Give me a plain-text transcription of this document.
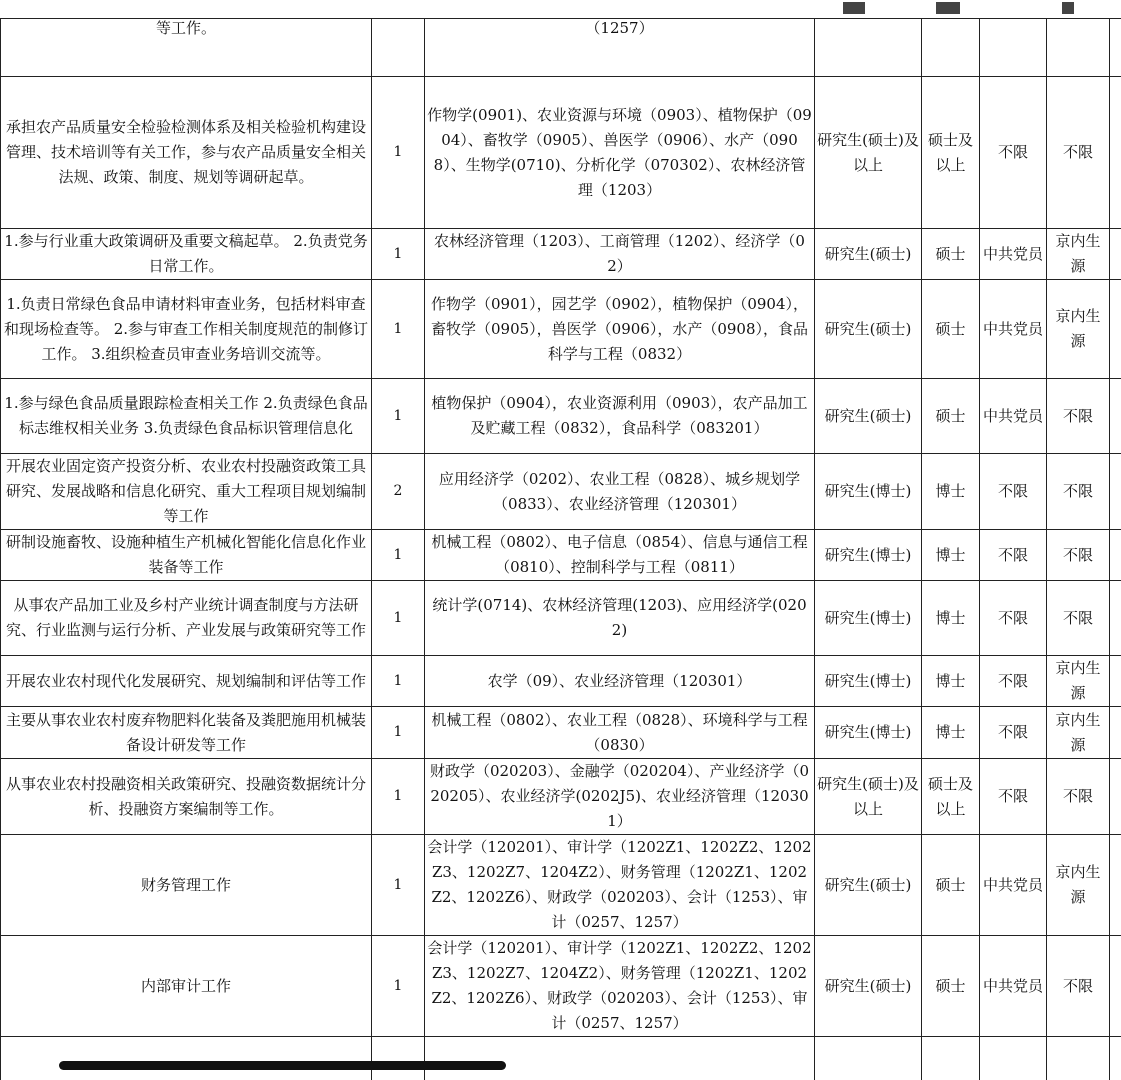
等工作。		（1257）					
承担农产品质量安全检验检测体系及相关检验机构建设管理、技术培训等有关工作，参与农产品质量安全相关法规、政策、制度、规划等调研起草。	1	作物学(0901)、农业资源与环境（0903）、植物保护（0904）、畜牧学（0905）、兽医学（0906）、水产（0908）、生物学(0710)、分析化学（070302）、农林经济管理（1203）	研究生(硕士)及以上	硕士及以上	不限	不限	
1.参与行业重大政策调研及重要文稿起草。 2.负责党务日常工作。	1	农林经济管理（1203）、工商管理（1202）、经济学（02）	研究生(硕士)	硕士	中共党员	京内生源	
1.负责日常绿色食品申请材料审查业务，包括材料审查和现场检查等。 2.参与审查工作相关制度规范的制修订工作。 3.组织检查员审查业务培训交流等。	1	作物学（0901），园艺学（0902），植物保护（0904），畜牧学（0905），兽医学（0906），水产（0908），食品科学与工程（0832）	研究生(硕士)	硕士	中共党员	京内生源	
1.参与绿色食品质量跟踪检查相关工作 2.负责绿色食品标志维权相关业务 3.负责绿色食品标识管理信息化	1	植物保护（0904），农业资源利用（0903），农产品加工及贮藏工程（0832），食品科学（083201）	研究生(硕士)	硕士	中共党员	不限	
开展农业固定资产投资分析、农业农村投融资政策工具研究、发展战略和信息化研究、重大工程项目规划编制等工作	2	应用经济学（0202）、农业工程（0828）、城乡规划学（0833）、农业经济管理（120301）	研究生(博士)	博士	不限	不限	
研制设施畜牧、设施种植生产机械化智能化信息化作业装备等工作	1	机械工程（0802）、电子信息（0854）、信息与通信工程（0810）、控制科学与工程（0811）	研究生(博士)	博士	不限	不限	
从事农产品加工业及乡村产业统计调查制度与方法研究、行业监测与运行分析、产业发展与政策研究等工作	1	统计学(0714)、农林经济管理(1203)、应用经济学(0202)	研究生(博士)	博士	不限	不限	
开展农业农村现代化发展研究、规划编制和评估等工作	1	农学（09）、农业经济管理（120301）	研究生(博士)	博士	不限	京内生源	
主要从事农业农村废弃物肥料化装备及粪肥施用机械装备设计研发等工作	1	机械工程（0802）、农业工程（0828）、环境科学与工程（0830）	研究生(博士)	博士	不限	京内生源	
从事农业农村投融资相关政策研究、投融资数据统计分析、投融资方案编制等工作。	1	财政学（020203）、金融学（020204）、产业经济学（020205）、农业经济学(0202J5)、农业经济管理（120301）	研究生(硕士)及以上	硕士及以上	不限	不限	
财务管理工作	1	会计学（120201）、审计学（1202Z1、1202Z2、1202Z3、1202Z7、1204Z2）、财务管理（1202Z1、1202Z2、1202Z6）、财政学（020203）、会计（1253）、审计（0257、1257）	研究生(硕士)	硕士	中共党员	京内生源	
内部审计工作	1	会计学（120201）、审计学（1202Z1、1202Z2、1202Z3、1202Z7、1204Z2）、财务管理（1202Z1、1202Z2、1202Z6）、财政学（020203）、会计（1253）、审计（0257、1257）	研究生(硕士)	硕士	中共党员	不限	
